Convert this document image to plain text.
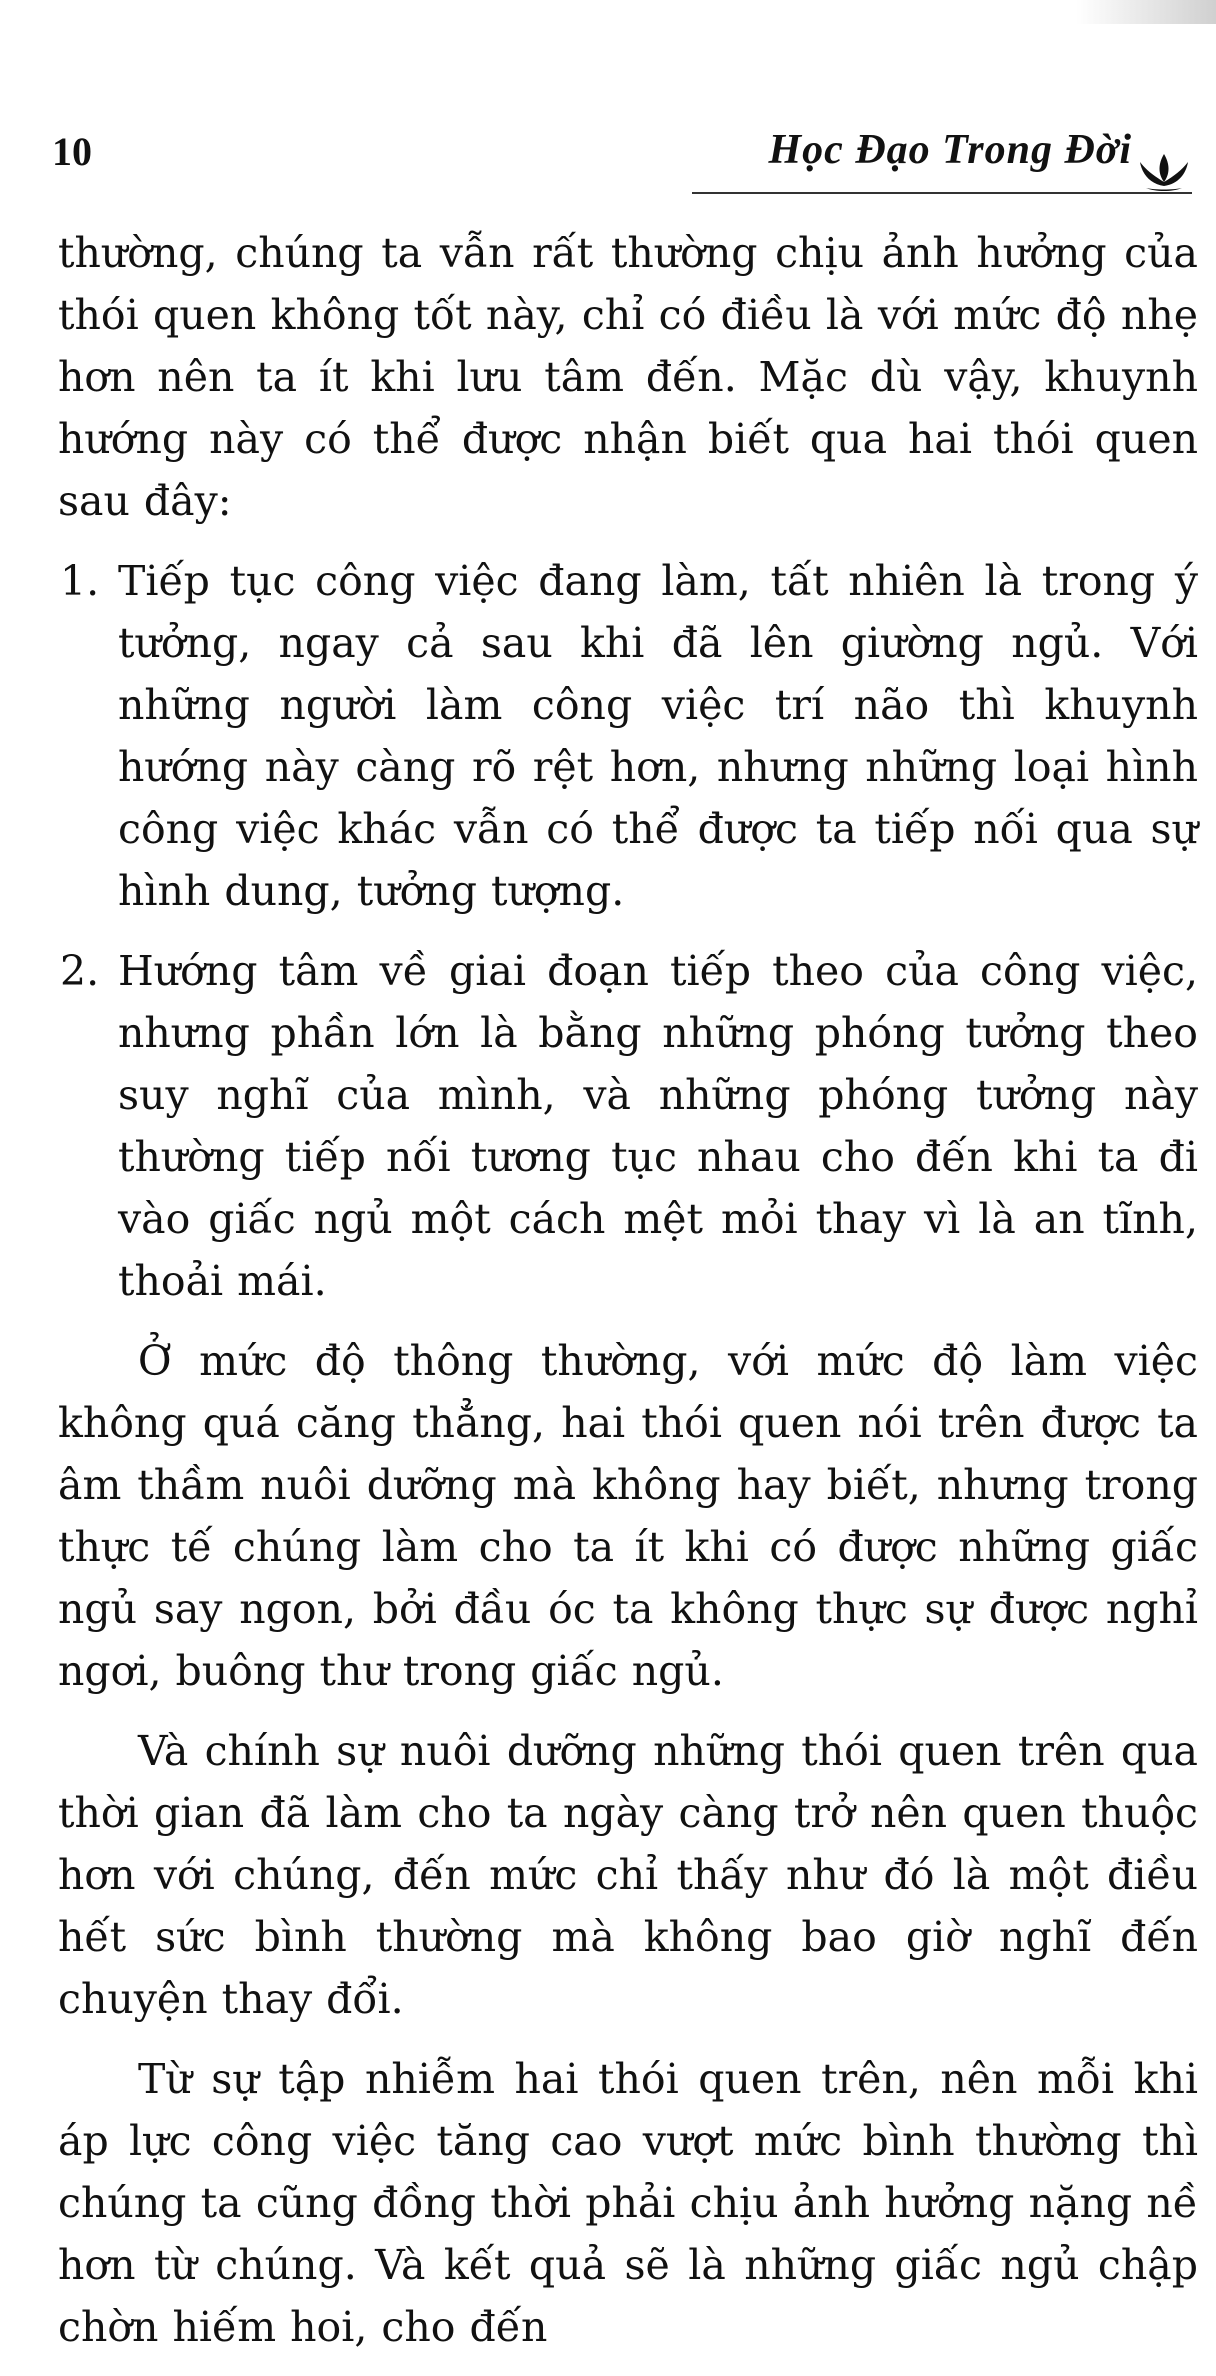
10	Học Đạo Trong Đời

thường, chúng ta vẫn rất thường chịu ảnh hưởng của thói quen không tốt này, chỉ có điều là với mức độ nhẹ hơn nên ta ít khi lưu tâm đến. Mặc dù vậy, khuynh hướng này có thể được nhận biết qua hai thói quen sau đây:

1. Tiếp tục công việc đang làm, tất nhiên là trong ý tưởng, ngay cả sau khi đã lên giường ngủ. Với những người làm công việc trí não thì khuynh hướng này càng rõ rệt hơn, nhưng những loại hình công việc khác vẫn có thể được ta tiếp nối qua sự hình dung, tưởng tượng.

2. Hướng tâm về giai đoạn tiếp theo của công việc, nhưng phần lớn là bằng những phóng tưởng theo suy nghĩ của mình, và những phóng tưởng này thường tiếp nối tương tục nhau cho đến khi ta đi vào giấc ngủ một cách mệt mỏi thay vì là an tĩnh, thoải mái.

Ở mức độ thông thường, với mức độ làm việc không quá căng thẳng, hai thói quen nói trên được ta âm thầm nuôi dưỡng mà không hay biết, nhưng trong thực tế chúng làm cho ta ít khi có được những giấc ngủ say ngon, bởi đầu óc ta không thực sự được nghỉ ngơi, buông thư trong giấc ngủ.

Và chính sự nuôi dưỡng những thói quen trên qua thời gian đã làm cho ta ngày càng trở nên quen thuộc hơn với chúng, đến mức chỉ thấy như đó là một điều hết sức bình thường mà không bao giờ nghĩ đến chuyện thay đổi.

Từ sự tập nhiễm hai thói quen trên, nên mỗi khi áp lực công việc tăng cao vượt mức bình thường thì chúng ta cũng đồng thời phải chịu ảnh hưởng nặng nề hơn từ chúng. Và kết quả sẽ là những giấc ngủ chập chờn hiếm hoi, cho đến
